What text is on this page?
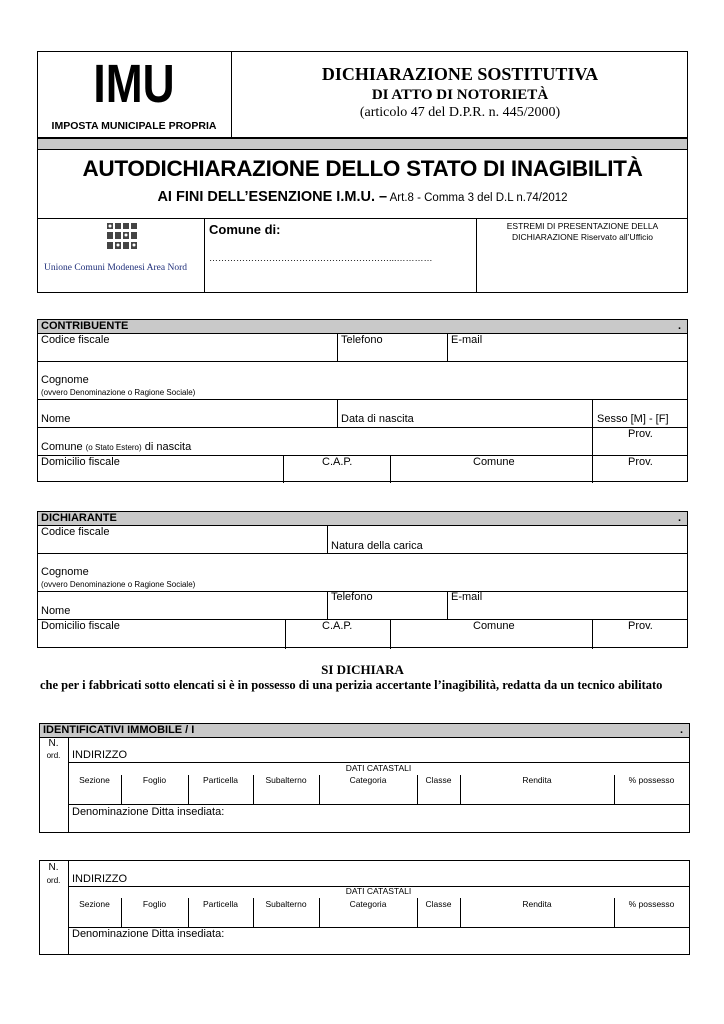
IMU
IMPOSTA MUNICIPALE PROPRIA
DICHIARAZIONE SOSTITUTIVA
DI ATTO DI NOTORIETÀ
(articolo 47 del D.P.R. n. 445/2000)
AUTODICHIARAZIONE DELLO STATO DI INAGIBILITÀ
AI FINI DELL’ESENZIONE I.M.U. – Art.8 - Comma 3 del D.L n.74/2012
Unione Comuni Modenesi Area Nord
Comune di:
……………………………………………………...…………
ESTREMI DI PRESENTAZIONE DELLA
DICHIARAZIONE Riservato all’Ufficio
CONTRIBUENTE	.
Codice fiscale	Telefono	E-mail
Cognome
(ovvero Denominazione o Ragione Sociale)
Nome	Data di nascita	Sesso [M] - [F]
Prov.
Comune (o Stato Estero) di nascita
Domicilio fiscale	C.A.P.	Comune	Prov.
DICHIARANTE	.
Codice fiscale
Natura della carica
Cognome
(ovvero Denominazione o Ragione Sociale)
Telefono	E-mail
Nome
Domicilio fiscale	C.A.P.	Comune	Prov.
SI DICHIARA
che per i fabbricati sotto elencati si è in possesso di una perizia accertante l’inagibilità, redatta da un tecnico abilitato
IDENTIFICATIVI IMMOBILE / I	.
N.
ord.	INDIRIZZO
DATI CATASTALI
Sezione	Foglio	Particella	Subalterno	Categoria	Classe	Rendita	% possesso
Denominazione Ditta insediata:
N.
ord.	INDIRIZZO
DATI CATASTALI
Sezione	Foglio	Particella	Subalterno	Categoria	Classe	Rendita	% possesso
Denominazione Ditta insediata:
